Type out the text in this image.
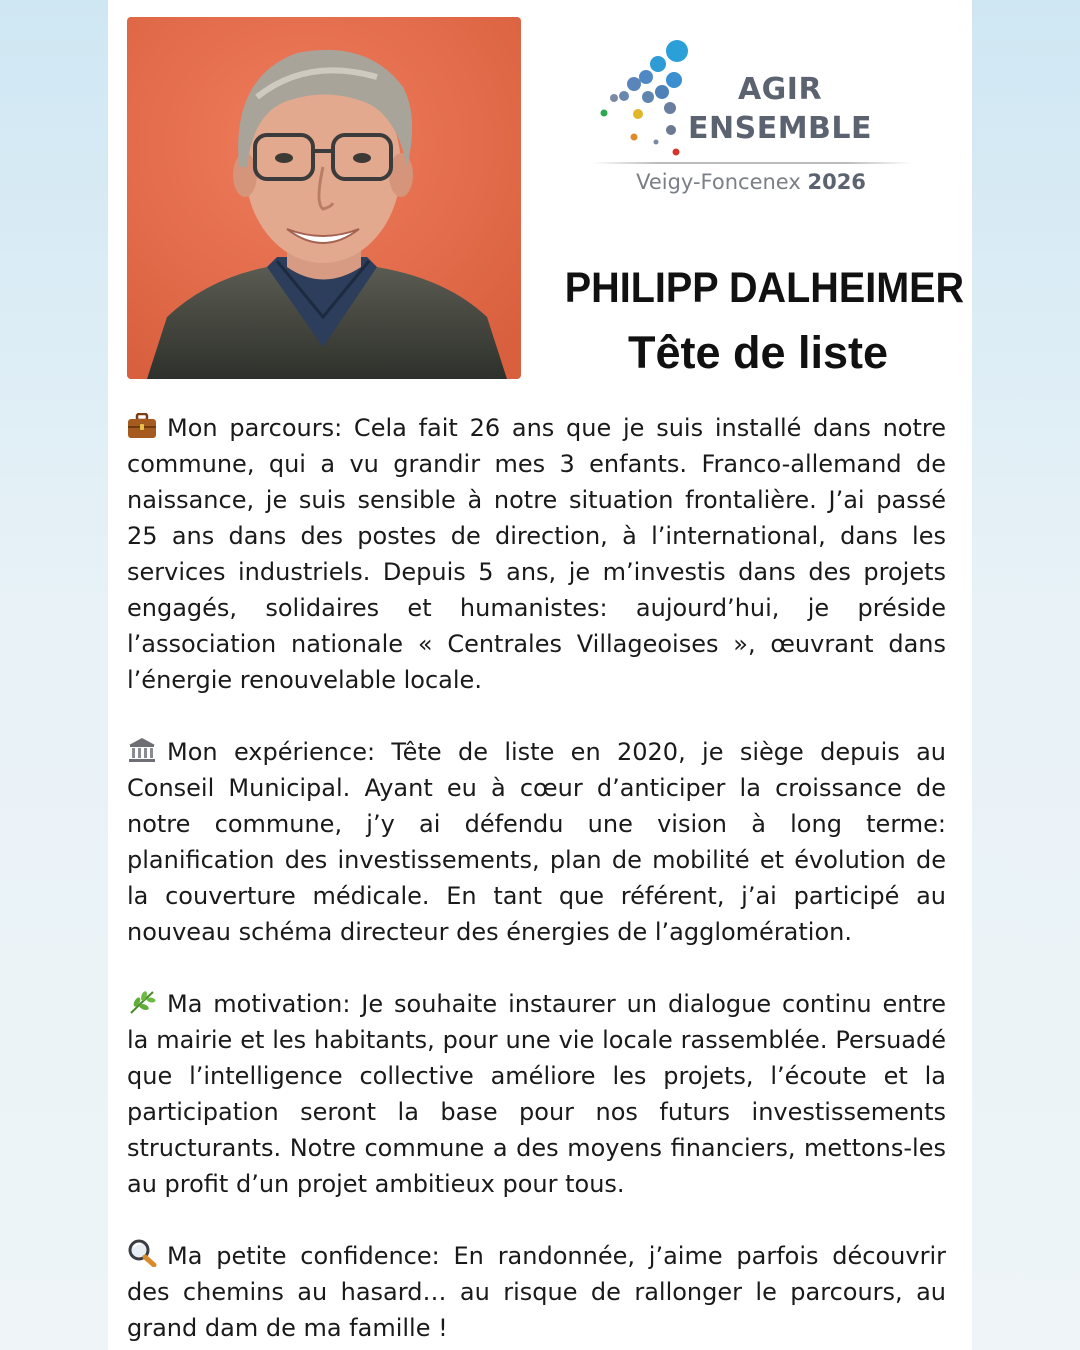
AGIR
ENSEMBLE
Veigy-Foncenex 2026
PHILIPP DALHEIMER
Tête de liste

Mon parcours: Cela fait 26 ans que je suis installé dans notre commune, qui a vu grandir mes 3 enfants. Franco-allemand de naissance, je suis sensible à notre situation frontalière. J’ai passé 25 ans dans des postes de direction, à l’international, dans les services industriels. Depuis 5 ans, je m’investis dans des projets engagés, solidaires et humanistes: aujourd’hui, je préside l’association nationale « Centrales Villageoises », œuvrant dans l’énergie renouvelable locale.

Mon expérience: Tête de liste en 2020, je siège depuis au Conseil Municipal. Ayant eu à cœur d’anticiper la croissance de notre commune, j’y ai défendu une vision à long terme: planification des investissements, plan de mobilité et évolution de la couverture médicale. En tant que référent, j’ai participé au nouveau schéma directeur des énergies de l’agglomération.

Ma motivation: Je souhaite instaurer un dialogue continu entre la mairie et les habitants, pour une vie locale rassemblée. Persuadé que l’intelligence collective améliore les projets, l’écoute et la participation seront la base pour nos futurs investissements structurants. Notre commune a des moyens financiers, mettons-les au profit d’un projet ambitieux pour tous.

Ma petite confidence: En randonnée, j’aime parfois découvrir des chemins au hasard… au risque de rallonger le parcours, au grand dam de ma famille !
